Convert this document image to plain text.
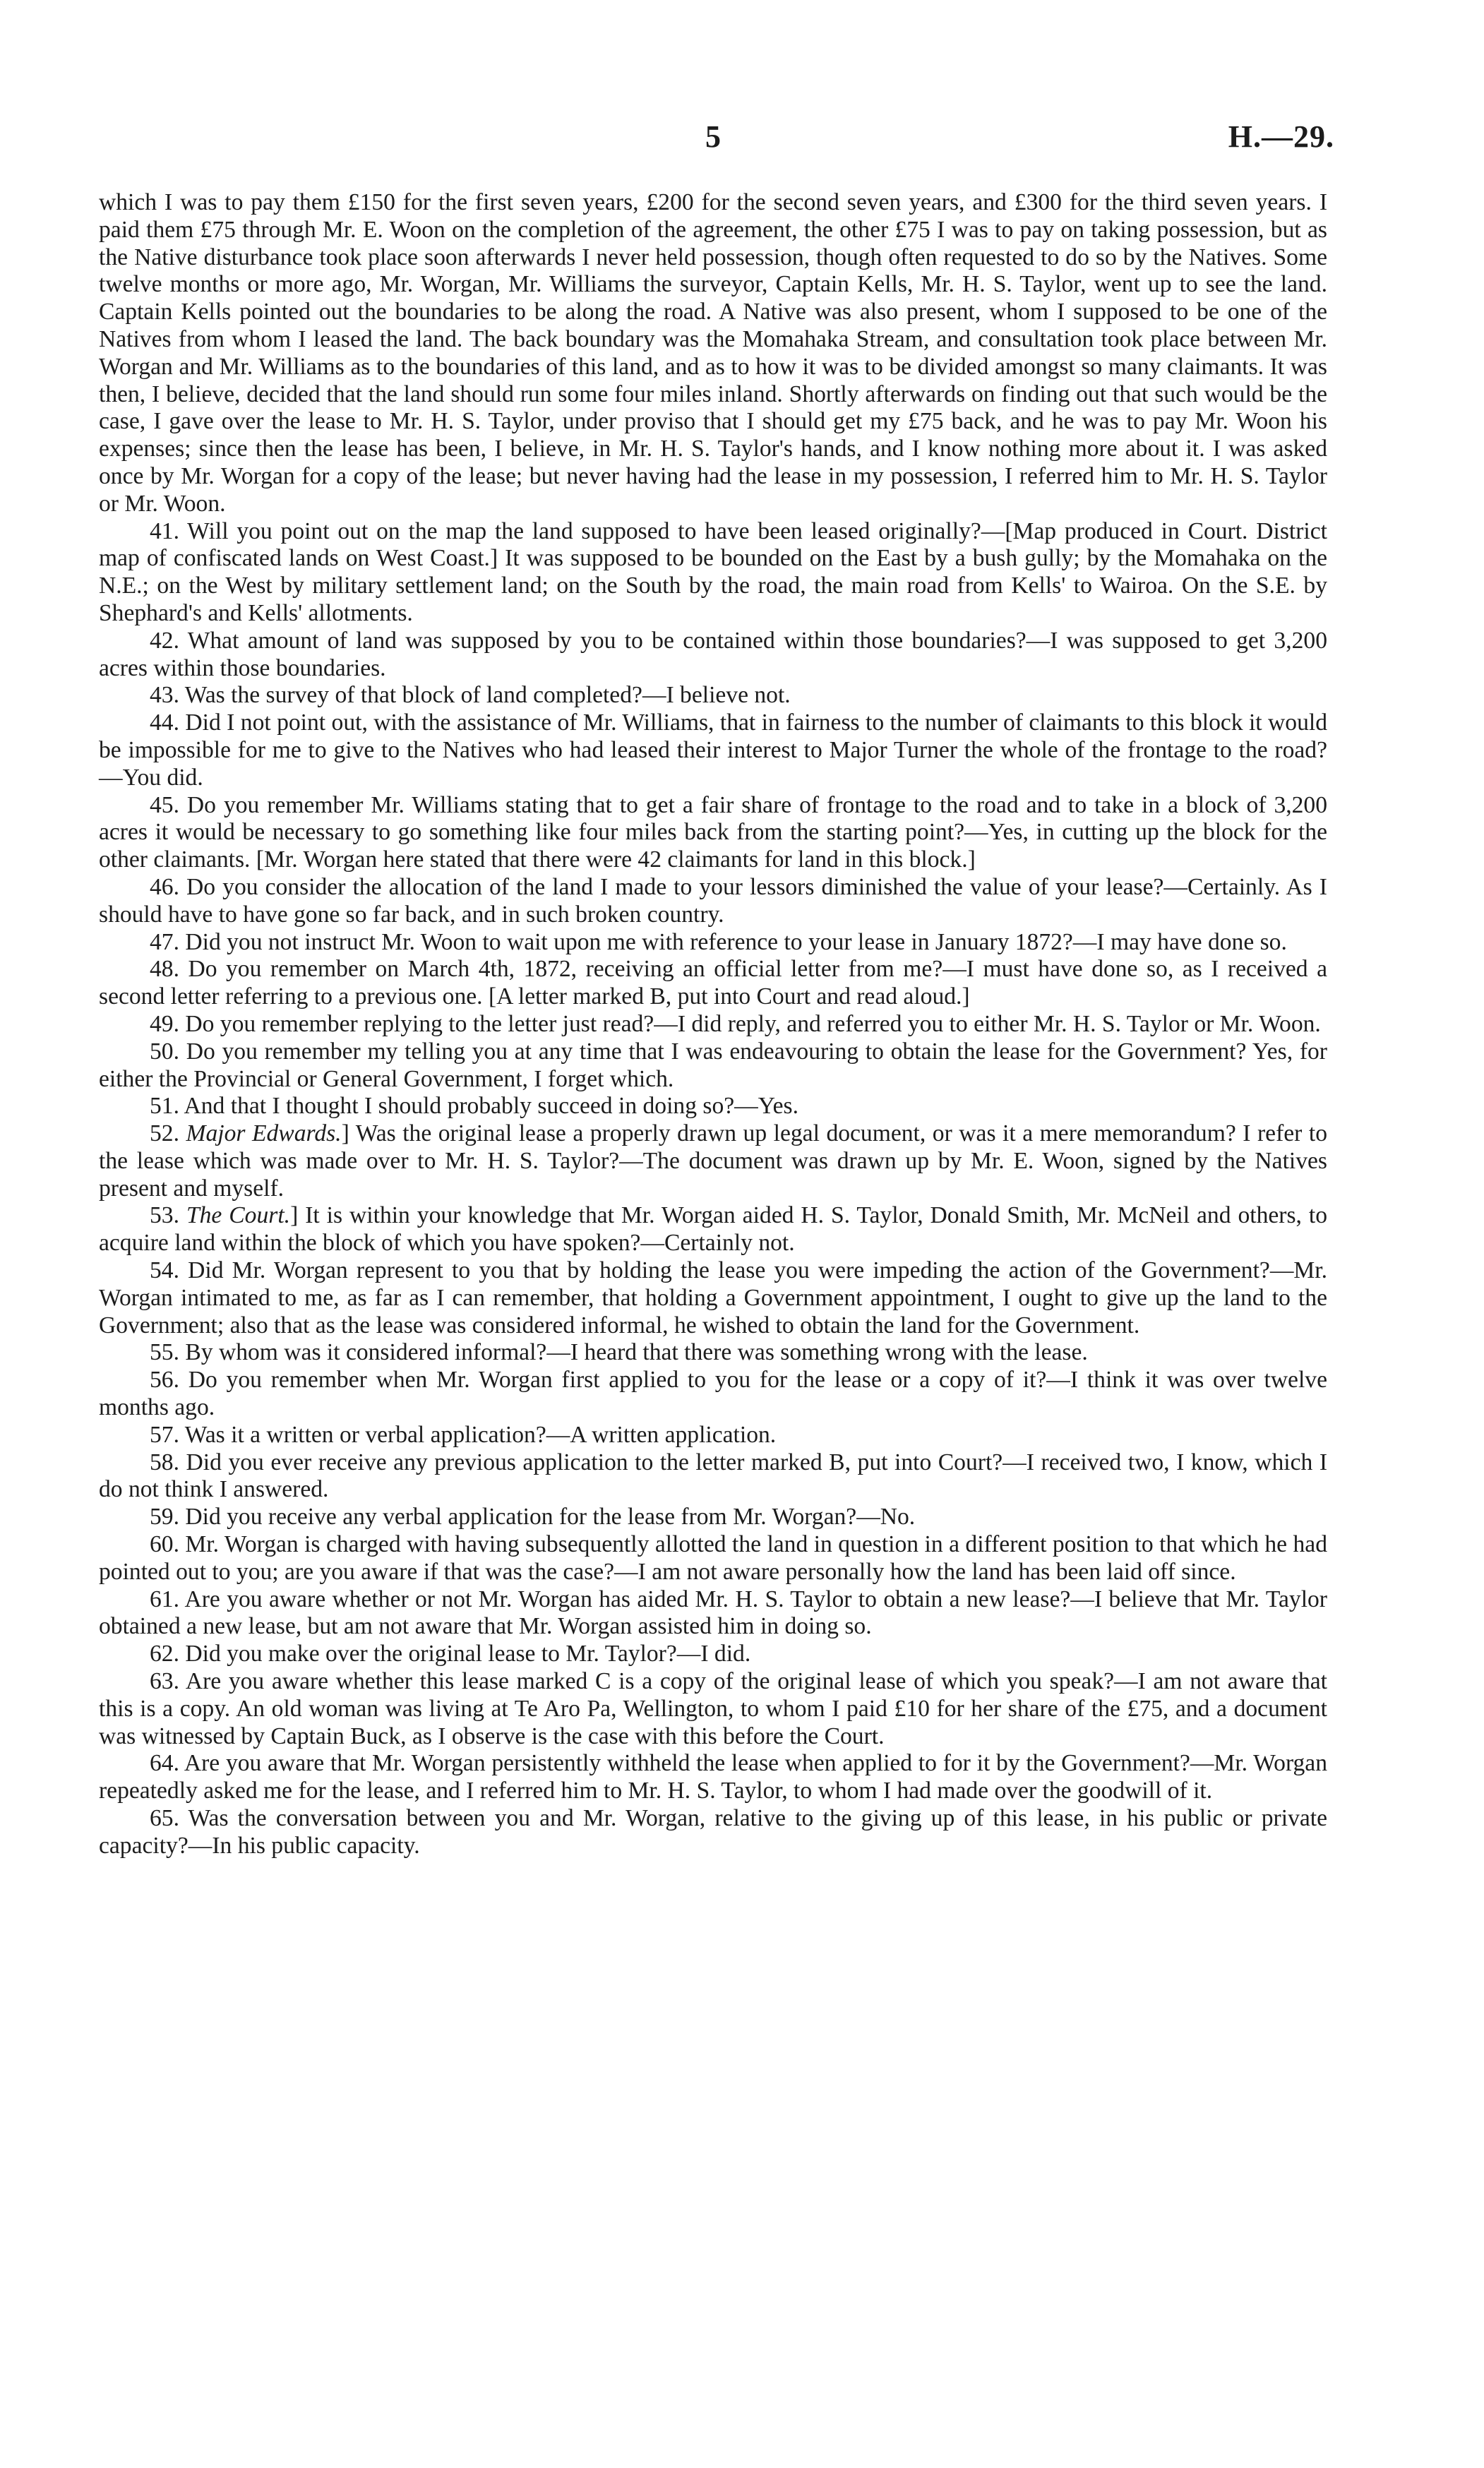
5	H.—29.

which I was to pay them £150 for the first seven years, £200 for the second seven years, and £300 for the third seven years. I paid them £75 through Mr. E. Woon on the completion of the agreement, the other £75 I was to pay on taking possession, but as the Native disturbance took place soon afterwards I never held possession, though often requested to do so by the Natives. Some twelve months or more ago, Mr. Worgan, Mr. Williams the surveyor, Captain Kells, Mr. H. S. Taylor, went up to see the land. Captain Kells pointed out the boundaries to be along the road. A Native was also present, whom I supposed to be one of the Natives from whom I leased the land. The back boundary was the Momahaka Stream, and consultation took place between Mr. Worgan and Mr. Williams as to the boundaries of this land, and as to how it was to be divided amongst so many claimants. It was then, I believe, decided that the land should run some four miles inland. Shortly afterwards on finding out that such would be the case, I gave over the lease to Mr. H. S. Taylor, under proviso that I should get my £75 back, and he was to pay Mr. Woon his expenses; since then the lease has been, I believe, in Mr. H. S. Taylor's hands, and I know nothing more about it. I was asked once by Mr. Worgan for a copy of the lease; but never having had the lease in my possession, I referred him to Mr. H. S. Taylor or Mr. Woon.

41. Will you point out on the map the land supposed to have been leased originally?—[Map produced in Court. District map of confiscated lands on West Coast.] It was supposed to be bounded on the East by a bush gully; by the Momahaka on the N.E.; on the West by military settlement land; on the South by the road, the main road from Kells' to Wairoa. On the S.E. by Shephard's and Kells' allotments.

42. What amount of land was supposed by you to be contained within those boundaries?—I was supposed to get 3,200 acres within those boundaries.

43. Was the survey of that block of land completed?—I believe not.

44. Did I not point out, with the assistance of Mr. Williams, that in fairness to the number of claimants to this block it would be impossible for me to give to the Natives who had leased their interest to Major Turner the whole of the frontage to the road?—You did.

45. Do you remember Mr. Williams stating that to get a fair share of frontage to the road and to take in a block of 3,200 acres it would be necessary to go something like four miles back from the starting point?—Yes, in cutting up the block for the other claimants. [Mr. Worgan here stated that there were 42 claimants for land in this block.]

46. Do you consider the allocation of the land I made to your lessors diminished the value of your lease?—Certainly. As I should have to have gone so far back, and in such broken country.

47. Did you not instruct Mr. Woon to wait upon me with reference to your lease in January 1872?—I may have done so.

48. Do you remember on March 4th, 1872, receiving an official letter from me?—I must have done so, as I received a second letter referring to a previous one. [A letter marked B, put into Court and read aloud.]

49. Do you remember replying to the letter just read?—I did reply, and referred you to either Mr. H. S. Taylor or Mr. Woon.

50. Do you remember my telling you at any time that I was endeavouring to obtain the lease for the Government? Yes, for either the Provincial or General Government, I forget which.

51. And that I thought I should probably succeed in doing so?—Yes.

52. Major Edwards.] Was the original lease a properly drawn up legal document, or was it a mere memorandum? I refer to the lease which was made over to Mr. H. S. Taylor?—The document was drawn up by Mr. E. Woon, signed by the Natives present and myself.

53. The Court.] It is within your knowledge that Mr. Worgan aided H. S. Taylor, Donald Smith, Mr. McNeil and others, to acquire land within the block of which you have spoken?—Certainly not.

54. Did Mr. Worgan represent to you that by holding the lease you were impeding the action of the Government?—Mr. Worgan intimated to me, as far as I can remember, that holding a Government appointment, I ought to give up the land to the Government; also that as the lease was considered informal, he wished to obtain the land for the Government.

55. By whom was it considered informal?—I heard that there was something wrong with the lease.

56. Do you remember when Mr. Worgan first applied to you for the lease or a copy of it?—I think it was over twelve months ago.

57. Was it a written or verbal application?—A written application.

58. Did you ever receive any previous application to the letter marked B, put into Court?—I received two, I know, which I do not think I answered.

59. Did you receive any verbal application for the lease from Mr. Worgan?—No.

60. Mr. Worgan is charged with having subsequently allotted the land in question in a different position to that which he had pointed out to you; are you aware if that was the case?—I am not aware personally how the land has been laid off since.

61. Are you aware whether or not Mr. Worgan has aided Mr. H. S. Taylor to obtain a new lease?—I believe that Mr. Taylor obtained a new lease, but am not aware that Mr. Worgan assisted him in doing so.

62. Did you make over the original lease to Mr. Taylor?—I did.

63. Are you aware whether this lease marked C is a copy of the original lease of which you speak?—I am not aware that this is a copy. An old woman was living at Te Aro Pa, Wellington, to whom I paid £10 for her share of the £75, and a document was witnessed by Captain Buck, as I observe is the case with this before the Court.

64. Are you aware that Mr. Worgan persistently withheld the lease when applied to for it by the Government?—Mr. Worgan repeatedly asked me for the lease, and I referred him to Mr. H. S. Taylor, to whom I had made over the goodwill of it.

65. Was the conversation between you and Mr. Worgan, relative to the giving up of this lease, in his public or private capacity?—In his public capacity.
